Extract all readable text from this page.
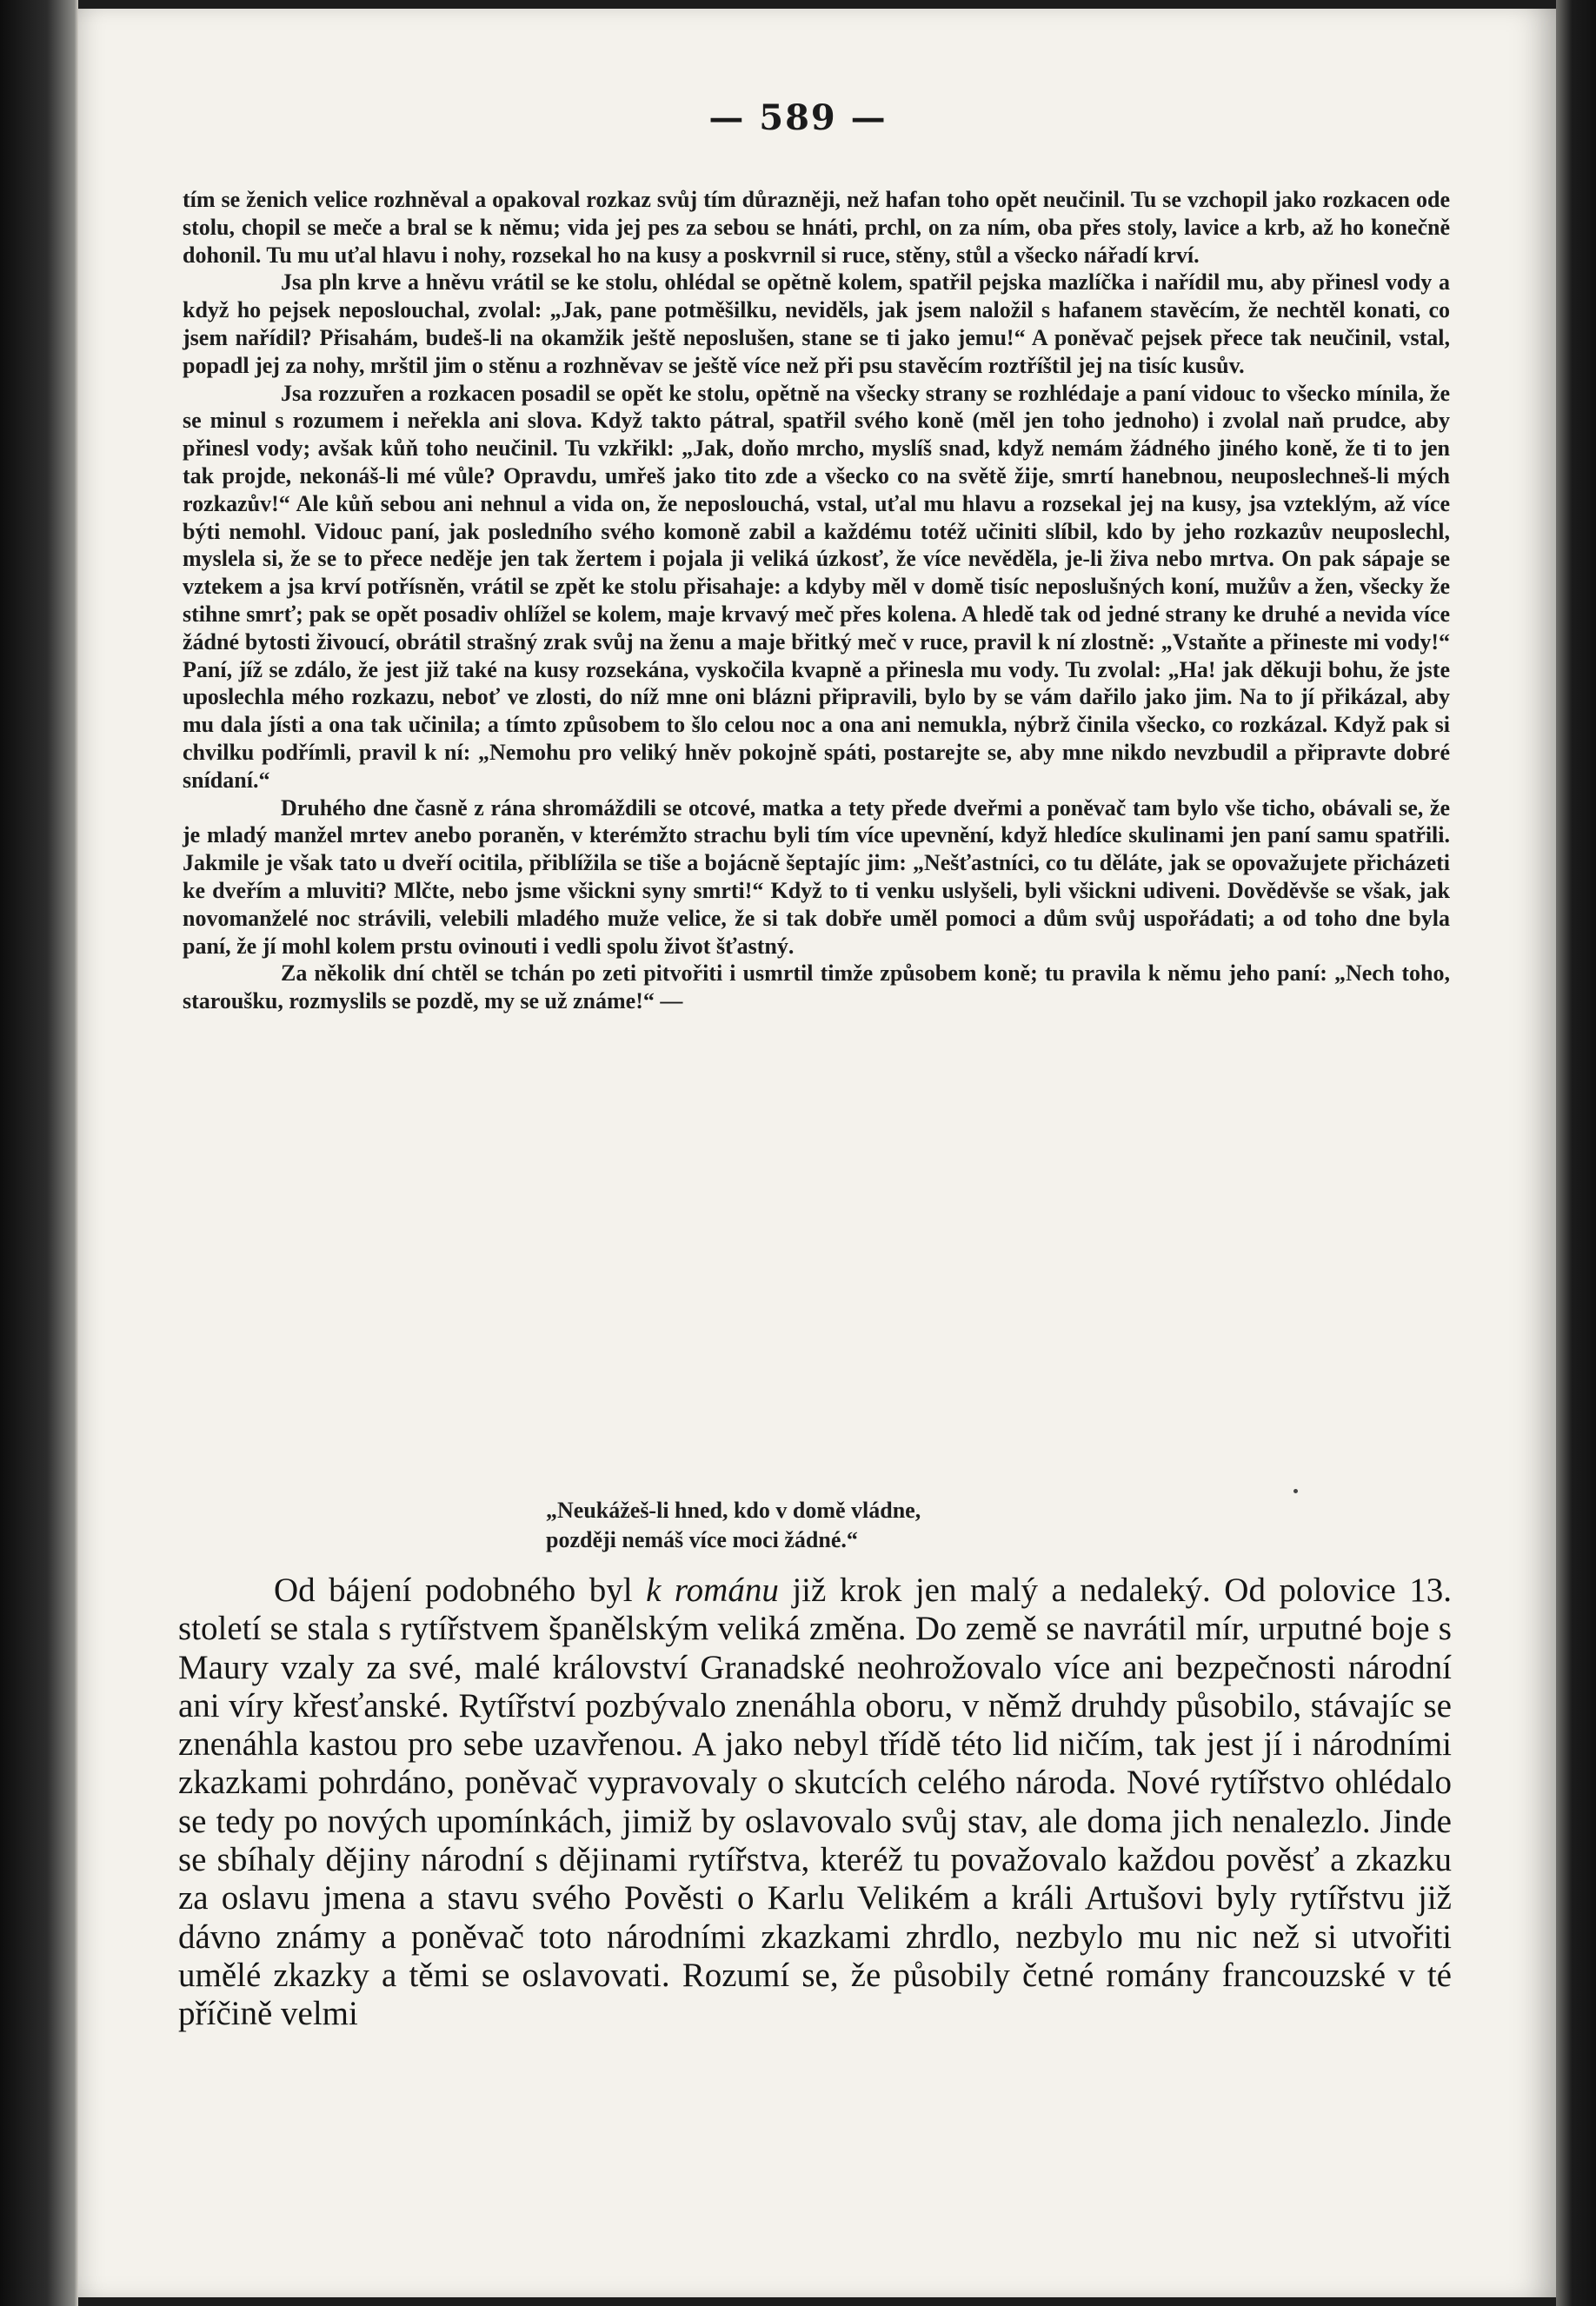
— 589 —

tím se ženich velice rozhněval a opakoval rozkaz svůj tím důrazněji, než hafan toho opět neučinil. Tu se vzchopil jako rozkacen ode stolu, chopil se meče a bral se k němu; vida jej pes za sebou se hnáti, prchl, on za ním, oba přes stoly, lavice a krb, až ho konečně dohonil. Tu mu uťal hlavu i nohy, rozsekal ho na kusy a poskvrnil si ruce, stěny, stůl a všecko nářadí krví.

Jsa pln krve a hněvu vrátil se ke stolu, ohlédal se opětně kolem, spatřil pejska mazlíčka i nařídil mu, aby přinesl vody a když ho pejsek neposlouchal, zvolal: „Jak, pane potměšilku, neviděls, jak jsem naložil s hafanem stavěcím, že nechtěl konati, co jsem nařídil? Přisahám, budeš-li na okamžik ještě neposlušen, stane se ti jako jemu!“ A poněvač pejsek přece tak neučinil, vstal, popadl jej za nohy, mrštil jim o stěnu a rozhněvav se ještě více než při psu stavěcím roztříštil jej na tisíc kusův.

Jsa rozzuřen a rozkacen posadil se opět ke stolu, opětně na všecky strany se rozhlédaje a paní vidouc to všecko mínila, že se minul s rozumem i neřekla ani slova. Když takto pátral, spatřil svého koně (měl jen toho jednoho) i zvolal naň prudce, aby přinesl vody; avšak kůň toho neučinil. Tu vzkřikl: „Jak, doňo mrcho, myslíš snad, když nemám žádného jiného koně, že ti to jen tak projde, nekonáš-li mé vůle? Opravdu, umřeš jako tito zde a všecko co na světě žije, smrtí hanebnou, neuposlechneš-li mých rozkazův!“ Ale kůň sebou ani nehnul a vida on, že neposlouchá, vstal, uťal mu hlavu a rozsekal jej na kusy, jsa vzteklým, až více býti nemohl. Vidouc paní, jak posledního svého komoně zabil a každému totéž učiniti slíbil, kdo by jeho rozkazův neuposlechl, myslela si, že se to přece neděje jen tak žertem i pojala ji veliká úzkosť, že více nevěděla, je-li živa nebo mrtva. On pak sápaje se vztekem a jsa krví potřísněn, vrátil se zpět ke stolu přisahaje: a kdyby měl v domě tisíc neposlušných koní, mužův a žen, všecky že stihne smrť; pak se opět posadiv ohlížel se kolem, maje krvavý meč přes kolena. A hledě tak od jedné strany ke druhé a nevida více žádné bytosti živoucí, obrátil strašný zrak svůj na ženu a maje břitký meč v ruce, pravil k ní zlostně: „Vstaňte a přineste mi vody!“ Paní, jíž se zdálo, že jest již také na kusy rozsekána, vyskočila kvapně a přinesla mu vody. Tu zvolal: „Ha! jak děkuji bohu, že jste uposlechla mého rozkazu, neboť ve zlosti, do níž mne oni blázni připravili, bylo by se vám dařilo jako jim. Na to jí přikázal, aby mu dala jísti a ona tak učinila; a tímto způsobem to šlo celou noc a ona ani nemukla, nýbrž činila všecko, co rozkázal. Když pak si chvilku podřímli, pravil k ní: „Nemohu pro veliký hněv pokojně spáti, postarejte se, aby mne nikdo nevzbudil a připravte dobré snídaní.“

Druhého dne časně z rána shromáždili se otcové, matka a tety přede dveřmi a poněvač tam bylo vše ticho, obávali se, že je mladý manžel mrtev anebo poraněn, v kterémžto strachu byli tím více upevnění, když hledíce skulinami jen paní samu spatřili. Jakmile je však tato u dveří ocitila, přiblížila se tiše a bojácně šeptajíc jim: „Nešťastníci, co tu děláte, jak se opovažujete přicházeti ke dveřím a mluviti? Mlčte, nebo jsme všickni syny smrti!“ Když to ti venku uslyšeli, byli všickni udiveni. Dověděvše se však, jak novomanželé noc strávili, velebili mladého muže velice, že si tak dobře uměl pomoci a dům svůj uspořádati; a od toho dne byla paní, že jí mohl kolem prstu ovinouti i vedli spolu život šťastný.

Za několik dní chtěl se tchán po zeti pitvořiti i usmrtil timže způsobem koně; tu pravila k němu jeho paní: „Nech toho, staroušku, rozmyslils se pozdě, my se už známe!“ —

„Neukážeš-li hned, kdo v domě vládne,
později nemáš více moci žádné.“
Od bájení podobného byl k románu již krok jen malý a nedaleký. Od polovice 13. století se stala s rytířstvem španělským veliká změna. Do země se navrátil mír, urputné boje s Maury vzaly za své, malé království Granadské neohrožovalo více ani bezpečnosti národní ani víry křesťanské. Rytířství pozbývalo znenáhla oboru, v němž druhdy působilo, stávajíc se znenáhla kastou pro sebe uzavřenou. A jako nebyl třídě této lid ničím, tak jest jí i národními zkazkami pohrdáno, poněvač vypravovaly o skutcích celého národa. Nové rytířstvo ohlédalo se tedy po nových upomínkách, jimiž by oslavovalo svůj stav, ale doma jich nenalezlo. Jinde se sbíhaly dějiny národní s dějinami rytířstva, kteréž tu považovalo každou pověsť a zkazku za oslavu jmena a stavu svého Pověsti o Karlu Velikém a králi Artušovi byly rytířstvu již dávno známy a poněvač toto národními zkazkami zhrdlo, nezbylo mu nic než si utvořiti umělé zkazky a těmi se oslavovati. Rozumí se, že působily četné romány francouzské v té příčině velmi
